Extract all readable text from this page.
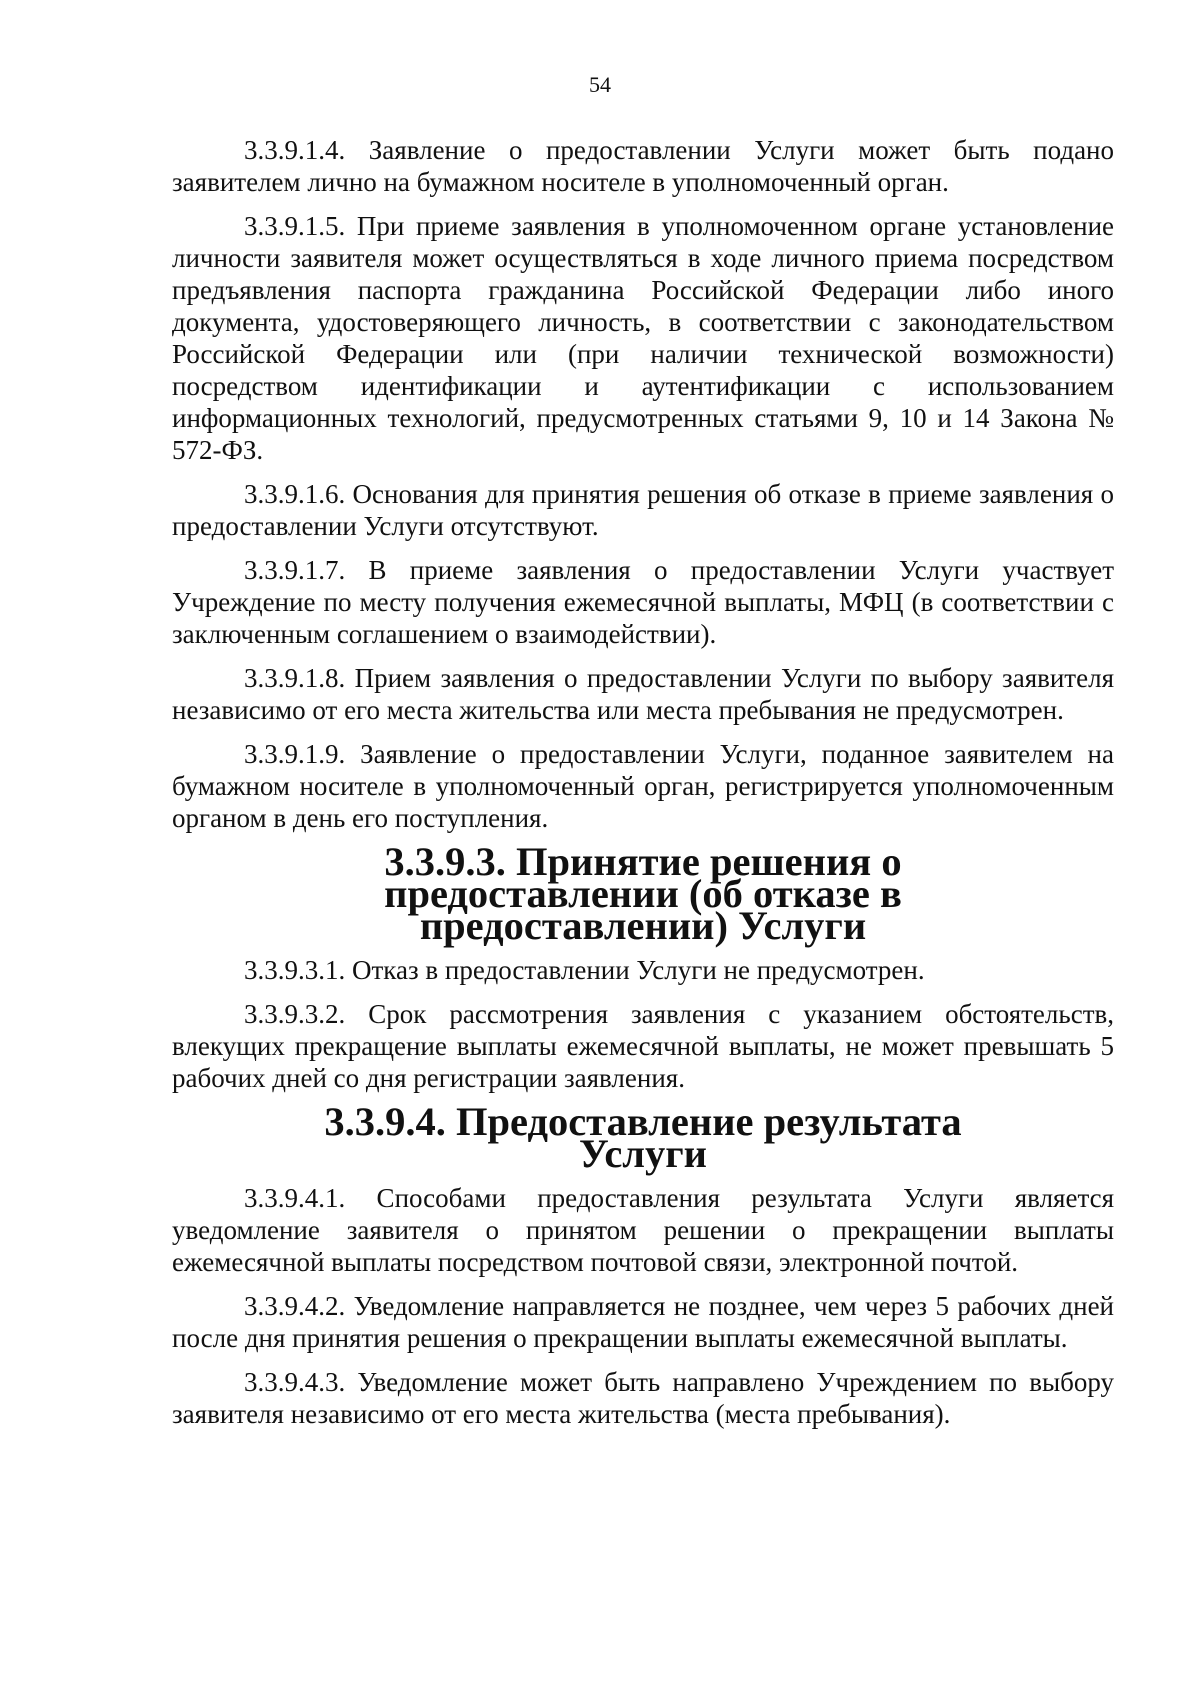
54

3.3.9.1.4. Заявление о предоставлении Услуги может быть подано заявителем лично на бумажном носителе в уполномоченный орган.

3.3.9.1.5. При приеме заявления в уполномоченном органе установление личности заявителя может осуществляться в ходе личного приема посредством предъявления паспорта гражданина Российской Федерации либо иного документа, удостоверяющего личность, в соответствии с законодательством Российской Федерации или (при наличии технической возможности) посредством идентификации и аутентификации с использованием информационных технологий, предусмотренных статьями 9, 10 и 14 Закона № 572-ФЗ.

3.3.9.1.6. Основания для принятия решения об отказе в приеме заявления о предоставлении Услуги отсутствуют.

3.3.9.1.7. В приеме заявления о предоставлении Услуги участвует Учреждение по месту получения ежемесячной выплаты, МФЦ (в соответствии с заключенным соглашением о взаимодействии).

3.3.9.1.8. Прием заявления о предоставлении Услуги по выбору заявителя независимо от его места жительства или места пребывания не предусмотрен.

3.3.9.1.9. Заявление о предоставлении Услуги, поданное заявителем на бумажном носителе в уполномоченный орган, регистрируется уполномоченным органом в день его поступления.

3.3.9.3. Принятие решения о предоставлении (об отказе в предоставлении) Услуги

3.3.9.3.1. Отказ в предоставлении Услуги не предусмотрен.

3.3.9.3.2. Срок рассмотрения заявления с указанием обстоятельств, влекущих прекращение выплаты ежемесячной выплаты, не может превышать 5 рабочих дней со дня регистрации заявления.

3.3.9.4. Предоставление результата Услуги

3.3.9.4.1. Способами предоставления результата Услуги является уведомление заявителя о принятом решении о прекращении выплаты ежемесячной выплаты посредством почтовой связи, электронной почтой.

3.3.9.4.2. Уведомление направляется не позднее, чем через 5 рабочих дней после дня принятия решения о прекращении выплаты ежемесячной выплаты.

3.3.9.4.3. Уведомление может быть направлено Учреждением по выбору заявителя независимо от его места жительства (места пребывания).
